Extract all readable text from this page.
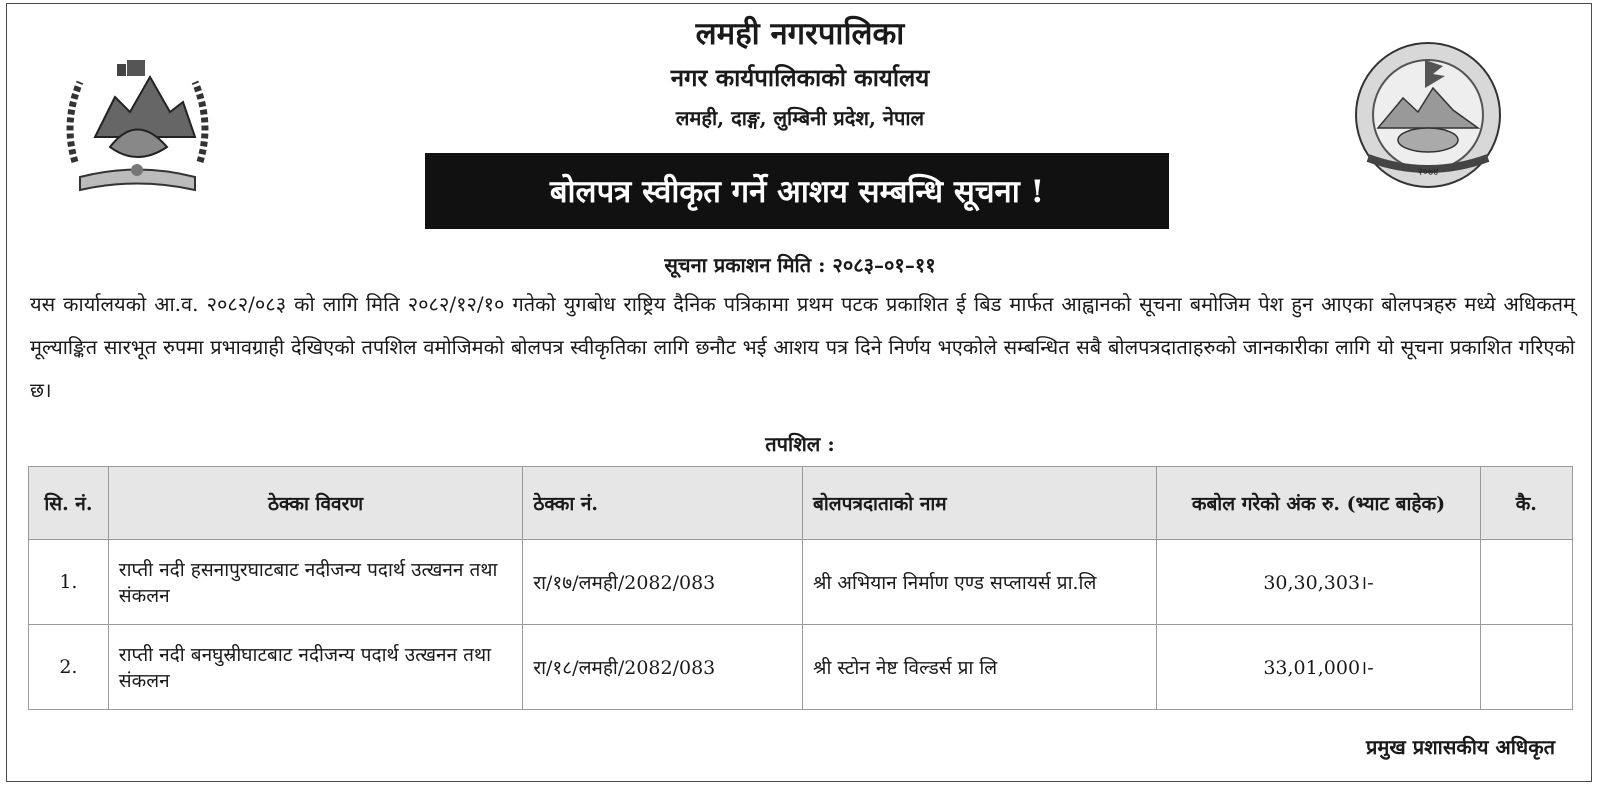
२०७४
लमही नगरपालिका
नगर कार्यपालिकाको कार्यालय
लमही, दाङ्ग, लुम्बिनी प्रदेश, नेपाल
बोलपत्र स्वीकृत गर्ने आशय सम्बन्धि सूचना !
सूचना प्रकाशन मिति : २०८३–०१–११
यस कार्यालयको आ.व. २०८२/०८३ को लागि मिति २०८२/१२/१० गतेको युगबोध राष्ट्रिय दैनिक पत्रिकामा प्रथम पटक प्रकाशित ई बिड मार्फत आह्वानको सूचना बमोजिम पेश हुन आएका बोलपत्रहरु मध्ये अधिकतम् मूल्याङ्कित सारभूत रुपमा प्रभावग्राही देखिएको तपशिल वमोजिमको बोलपत्र स्वीकृतिका लागि छनौट भई आशय पत्र दिने निर्णय भएकोले सम्बन्धित सबै बोलपत्रदाताहरुको जानकारीका लागि यो सूचना प्रकाशित गरिएको छ।
तपशिल :
सि. नं.	ठेक्का विवरण	ठेक्का नं.	बोलपत्रदाताको नाम	कबोल गरेको अंक रु. (भ्याट बाहेक)	कै.
1.	राप्ती नदी हसनापुरघाटबाट नदीजन्य पदार्थ उत्खनन तथा संकलन	रा/१७/लमही/2082/083	श्री अभियान निर्माण एण्ड सप्लायर्स प्रा.लि	30,30,303।-	
2.	राप्ती नदी बनघुस्रीघाटबाट नदीजन्य पदार्थ उत्खनन तथा संकलन	रा/१८/लमही/2082/083	श्री स्टोन नेष्ट विल्डर्स प्रा लि	33,01,000।-	
प्रमुख प्रशासकीय अधिकृत
